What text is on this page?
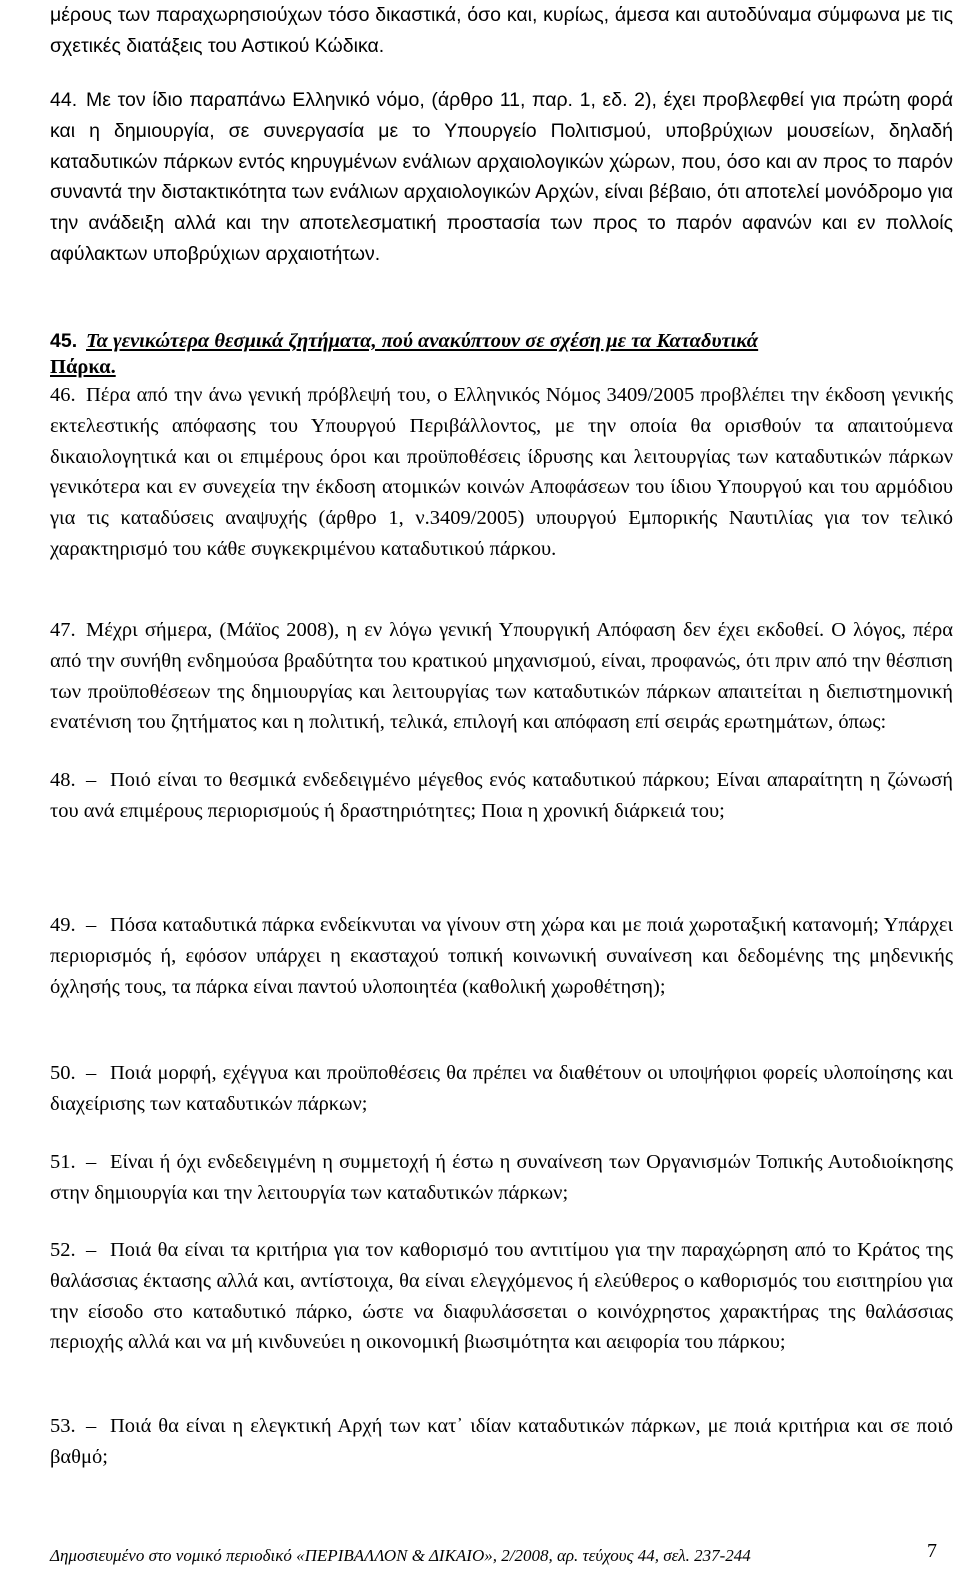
μέρους των παραχωρησιούχων τόσο δικαστικά, όσο και, κυρίως, άμεσα και αυτοδύναμα σύμφωνα με τις σχετικές διατάξεις του Αστικού Κώδικα.
44. Με τον ίδιο παραπάνω Ελληνικό νόμο, (άρθρο 11, παρ. 1, εδ. 2), έχει προβλεφθεί για πρώτη φορά και η δημιουργία, σε συνεργασία με το Υπουργείο Πολιτισμού, υποβρύχιων μουσείων, δηλαδή καταδυτικών πάρκων εντός κηρυγμένων ενάλιων αρχαιολογικών χώρων, που, όσο και αν προς το παρόν συναντά την διστακτικότητα των ενάλιων αρχαιολογικών Αρχών, είναι βέβαιο, ότι αποτελεί μονόδρομο για την ανάδειξη αλλά και την αποτελεσματική προστασία των προς το παρόν αφανών και εν πολλοίς αφύλακτων υποβρύχιων αρχαιοτήτων.
45. Τα γενικώτερα θεσμικά ζητήματα, πού ανακύπτουν σε σχέση με τα Καταδυτικά
Πάρκα.
46. Πέρα από την άνω γενική πρόβλεψή του, ο Ελληνικός Νόμος 3409/2005 προβλέπει την έκδοση γενικής εκτελεστικής απόφασης του Υπουργού Περιβάλλοντος, με την οποία θα ορισθούν τα απαιτούμενα δικαιολογητικά και οι επιμέρους όροι και προϋποθέσεις ίδρυσης και λειτουργίας των καταδυτικών πάρκων γενικότερα και εν συνεχεία την έκδοση ατομικών κοινών Αποφάσεων του ίδιου Υπουργού και του αρμόδιου για τις καταδύσεις αναψυχής (άρθρο 1, ν.3409/2005) υπουργού Εμπορικής Ναυτιλίας για τον τελικό χαρακτηρισμό του κάθε συγκεκριμένου καταδυτικού πάρκου.
47. Μέχρι σήμερα, (Μάϊος 2008), η εν λόγω γενική Υπουργική Απόφαση δεν έχει εκδοθεί. Ο λόγος, πέρα από την συνήθη ενδημούσα βραδύτητα του κρατικού μηχανισμού, είναι, προφανώς, ότι πριν από την θέσπιση των προϋποθέσεων της δημιουργίας και λειτουργίας των καταδυτικών πάρκων απαιτείται η διεπιστημονική ενατένιση του ζητήματος και η πολιτική, τελικά, επιλογή και απόφαση επί σειράς ερωτημάτων, όπως:
48. – Ποιό είναι το θεσμικά ενδεδειγμένο μέγεθος ενός καταδυτικού πάρκου; Είναι απαραίτητη η ζώνωσή του ανά επιμέρους περιορισμούς ή δραστηριότητες; Ποια η χρονική διάρκειά του;
49. – Πόσα καταδυτικά πάρκα ενδείκνυται να γίνουν στη χώρα και με ποιά χωροταξική κατανομή; Υπάρχει περιορισμός ή, εφόσον υπάρχει η εκασταχού τοπική κοινωνική συναίνεση και δεδομένης της μηδενικής όχλησής τους, τα πάρκα είναι παντού υλοποιητέα (καθολική χωροθέτηση);
50. – Ποιά μορφή, εχέγγυα και προϋποθέσεις θα πρέπει να διαθέτουν οι υποψήφιοι φορείς υλοποίησης και διαχείρισης των καταδυτικών πάρκων;
51. – Είναι ή όχι ενδεδειγμένη η συμμετοχή ή έστω η συναίνεση των Οργανισμών Τοπικής Αυτοδιοίκησης στην δημιουργία και την λειτουργία των καταδυτικών πάρκων;
52. – Ποιά θα είναι τα κριτήρια για τον καθορισμό του αντιτίμου για την παραχώρηση από το Κράτος της θαλάσσιας έκτασης αλλά και, αντίστοιχα, θα είναι ελεγχόμενος ή ελεύθερος ο καθορισμός του εισιτηρίου για την είσοδο στο καταδυτικό πάρκο, ώστε να διαφυλάσσεται ο κοινόχρηστος χαρακτήρας της θαλάσσιας περιοχής αλλά και να μή κινδυνεύει η οικονομική βιωσιμότητα και αειφορία του πάρκου;
53. – Ποιά θα είναι η ελεγκτική Αρχή των κατ᾽ ιδίαν καταδυτικών πάρκων, με ποιά κριτήρια και σε ποιό βαθμό;
Δημοσιευμένο στο νομικό περιοδικό «ΠΕΡΙΒΑΛΛΟΝ & ΔΙΚΑΙΟ», 2/2008, αρ. τεύχους 44, σελ. 237-244	7
